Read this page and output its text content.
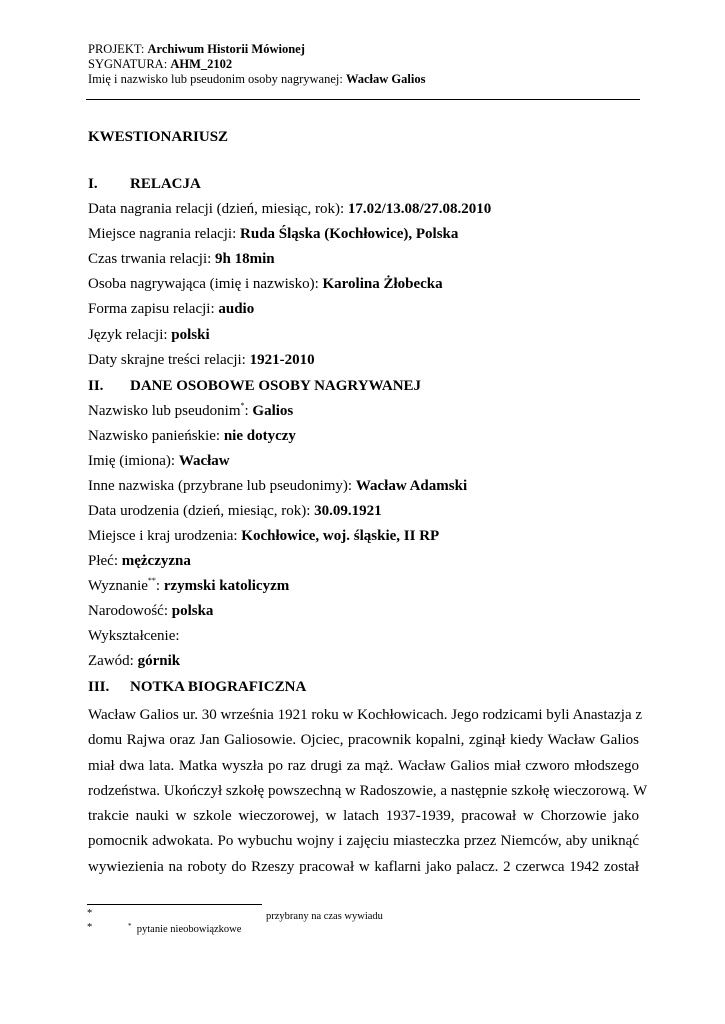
PROJEKT: Archiwum Historii Mówionej
SYGNATURA: AHM_2102
Imię i nazwisko lub pseudonim osoby nagrywanej: Wacław Galios
KWESTIONARIUSZ
I. RELACJA
Data nagrania relacji (dzień, miesiąc, rok): 17.02/13.08/27.08.2010
Miejsce nagrania relacji: Ruda Śląska (Kochłowice), Polska
Czas trwania relacji: 9h 18min
Osoba nagrywająca (imię i nazwisko): Karolina Żłobecka
Forma zapisu relacji: audio
Język relacji: polski
Daty skrajne treści relacji: 1921-2010
II. DANE OSOBOWE OSOBY NAGRYWANEJ
Nazwisko lub pseudonim*: Galios
Nazwisko panieńskie: nie dotyczy
Imię (imiona): Wacław
Inne nazwiska (przybrane lub pseudonimy): Wacław Adamski
Data urodzenia (dzień, miesiąc, rok): 30.09.1921
Miejsce i kraj urodzenia: Kochłowice, woj. śląskie, II RP
Płeć: mężczyzna
Wyznanie**: rzymski katolicyzm
Narodowość: polska
Wykształcenie:
Zawód: górnik
III. NOTKA BIOGRAFICZNA
Wacław Galios ur. 30 września 1921 roku w Kochłowicach. Jego rodzicami byli Anastazja z
domu Rajwa oraz Jan Galiosowie. Ojciec, pracownik kopalni, zginął kiedy Wacław Galios
miał dwa lata. Matka wyszła po raz drugi za mąż. Wacław Galios miał czworo młodszego
rodzeństwa. Ukończył szkołę powszechną w Radoszowie, a następnie szkołę wieczorową. W
trakcie nauki w szkole wieczorowej, w latach 1937-1939, pracował w Chorzowie jako
pomocnik adwokata. Po wybuchu wojny i zajęciu miasteczka przez Niemców, aby uniknąć
wywiezienia na roboty do Rzeszy pracował w kaflarni jako palacz. 2 czerwca 1942 został
*	przybrany na czas wywiadu
*	* pytanie nieobowiązkowe
